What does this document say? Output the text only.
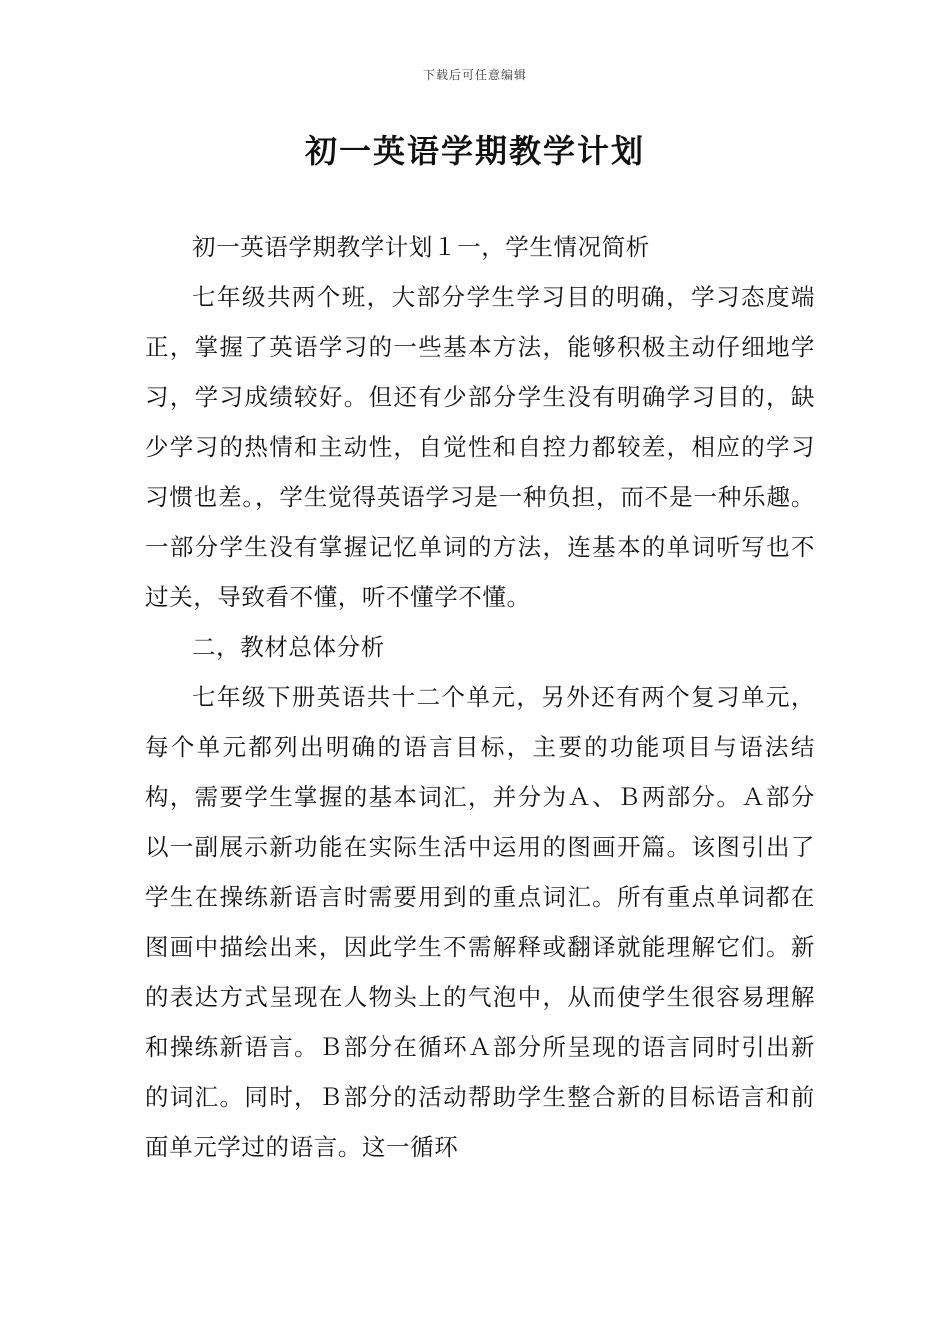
下载后可任意编辑
初一英语学期教学计划

初一英语学期教学计划１一，学生情况简析

七年级共两个班，大部分学生学习目的明确，学习态度端正，掌握了英语学习的一些基本方法，能够积极主动仔细地学习，学习成绩较好。但还有少部分学生没有明确学习目的，缺少学习的热情和主动性，自觉性和自控力都较差，相应的学习习惯也差。，学生觉得英语学习是一种负担，而不是一种乐趣。一部分学生没有掌握记忆单词的方法，连基本的单词听写也不过关，导致看不懂，听不懂学不懂。

二，教材总体分析

七年级下册英语共十二个单元，另外还有两个复习单元，每个单元都列出明确的语言目标，主要的功能项目与语法结构，需要学生掌握的基本词汇，并分为Ａ、Ｂ两部分。Ａ部分以一副展示新功能在实际生活中运用的图画开篇。该图引出了学生在操练新语言时需要用到的重点词汇。所有重点单词都在图画中描绘出来，因此学生不需解释或翻译就能理解它们。新的表达方式呈现在人物头上的气泡中，从而使学生很容易理解和操练新语言。Ｂ部分在循环Ａ部分所呈现的语言同时引出新的词汇。同时，Ｂ部分的活动帮助学生整合新的目标语言和前面单元学过的语言。这一循环
